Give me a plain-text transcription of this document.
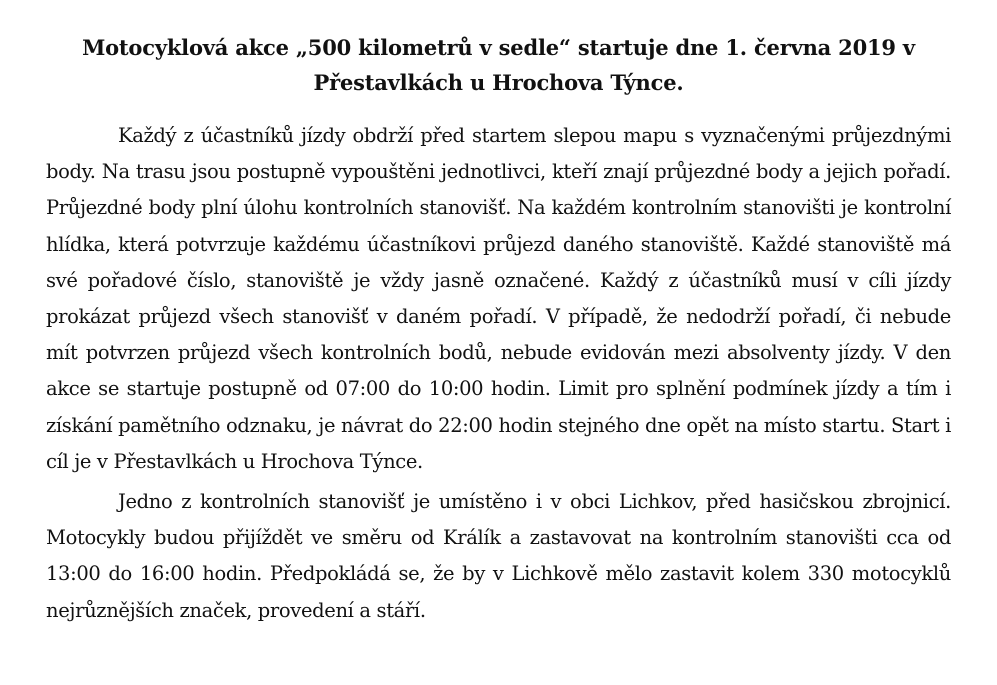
Motocyklová akce „500 kilometrů v sedle“ startuje dne 1. června 2019 v Přestavlkách u Hrochova Týnce.

Každý z účastníků jízdy obdrží před startem slepou mapu s vyznačenými průjezdnými body. Na trasu jsou postupně vypouštěni jednotlivci, kteří znají průjezdné body a jejich pořadí. Průjezdné body plní úlohu kontrolních stanovišť. Na každém kontrolním stanovišti je kontrolní hlídka, která potvrzuje každému účastníkovi průjezd daného stanoviště. Každé stanoviště má své pořadové číslo, stanoviště je vždy jasně označené. Každý z účastníků musí v cíli jízdy prokázat průjezd všech stanovišť v daném pořadí. V případě, že nedodrží pořadí, či nebude mít potvrzen průjezd všech kontrolních bodů, nebude evidován mezi absolventy jízdy. V den akce se startuje postupně od 07:00 do 10:00 hodin. Limit pro splnění podmínek jízdy a tím i získání pamětního odznaku, je návrat do 22:00 hodin stejného dne opět na místo startu. Start i cíl je v Přestavlkách u Hrochova Týnce.

Jedno z kontrolních stanovišť je umístěno i v obci Lichkov, před hasičskou zbrojnicí. Motocykly budou přijíždět ve směru od Králík a zastavovat na kontrolním stanovišti cca od 13:00 do 16:00 hodin. Předpokládá se, že by v Lichkově mělo zastavit kolem 330 motocyklů nejrůznějších značek, provedení a stáří.
